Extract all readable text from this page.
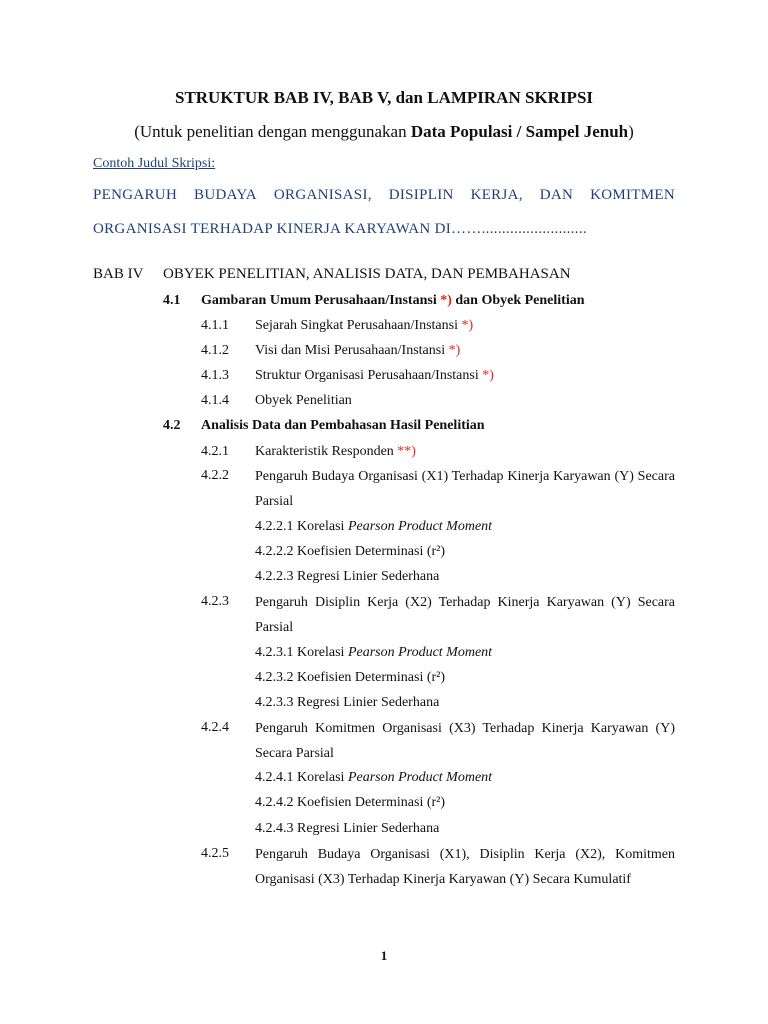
STRUKTUR BAB IV, BAB V, dan LAMPIRAN SKRIPSI
(Untuk penelitian dengan menggunakan Data Populasi / Sampel Jenuh)
Contoh Judul Skripsi:
PENGARUH BUDAYA ORGANISASI, DISIPLIN KERJA, DAN KOMITMEN
ORGANISASI TERHADAP KINERJA KARYAWAN DI……..........................
BAB IV OBYEK PENELITIAN, ANALISIS DATA, DAN PEMBAHASAN
4.1 Gambaran Umum Perusahaan/Instansi *) dan Obyek Penelitian
4.1.1 Sejarah Singkat Perusahaan/Instansi *)
4.1.2 Visi dan Misi Perusahaan/Instansi *)
4.1.3 Struktur Organisasi Perusahaan/Instansi *)
4.1.4 Obyek Penelitian
4.2 Analisis Data dan Pembahasan Hasil Penelitian
4.2.1 Karakteristik Responden **)
4.2.2 Pengaruh Budaya Organisasi (X1) Terhadap Kinerja Karyawan (Y) Secara Parsial
4.2.2.1 Korelasi Pearson Product Moment
4.2.2.2 Koefisien Determinasi (r²)
4.2.2.3 Regresi Linier Sederhana
4.2.3 Pengaruh Disiplin Kerja (X2) Terhadap Kinerja Karyawan (Y) Secara Parsial
4.2.3.1 Korelasi Pearson Product Moment
4.2.3.2 Koefisien Determinasi (r²)
4.2.3.3 Regresi Linier Sederhana
4.2.4 Pengaruh Komitmen Organisasi (X3) Terhadap Kinerja Karyawan (Y) Secara Parsial
4.2.4.1 Korelasi Pearson Product Moment
4.2.4.2 Koefisien Determinasi (r²)
4.2.4.3 Regresi Linier Sederhana
4.2.5 Pengaruh Budaya Organisasi (X1), Disiplin Kerja (X2), Komitmen Organisasi (X3) Terhadap Kinerja Karyawan (Y) Secara Kumulatif
1
